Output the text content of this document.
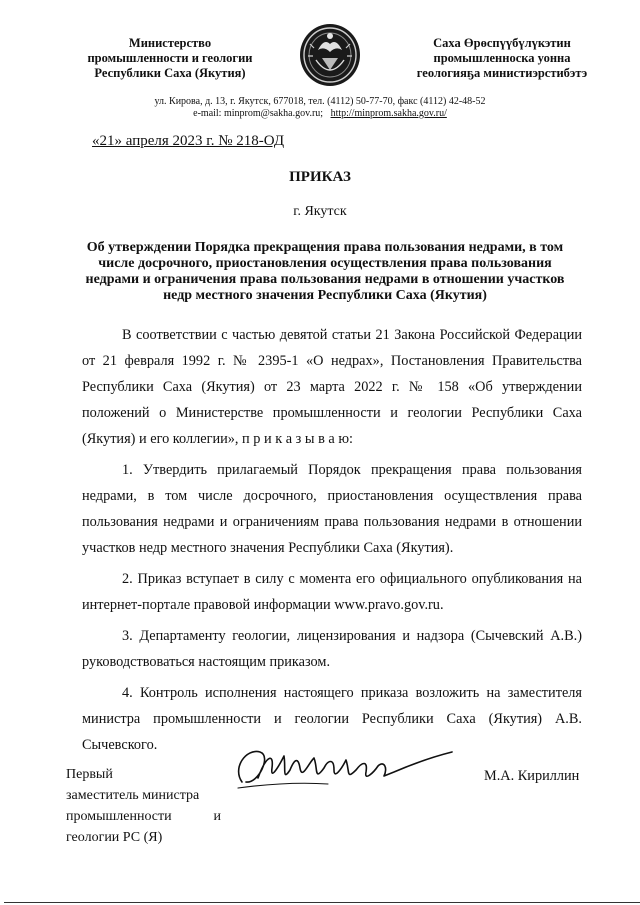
Министерство
промышленности и геологии
Республики Саха (Якутия)
Саха Өрөспүүбүлүкэтин
промышленноска уонна
геологияҕа министиэрстибэтэ
ул. Кирова, д. 13, г. Якутск, 677018, тел. (4112) 50-77-70, факс (4112) 42-48-52
e-mail: minprom@sakha.gov.ru; http://minprom.sakha.gov.ru/
«21» апреля 2023 г. № 218-ОД
ПРИКАЗ
г. Якутск
Об утверждении Порядка прекращения права пользования недрами, в том числе досрочного, приостановления осуществления права пользования недрами и ограничения права пользования недрами в отношении участков недр местного значения Республики Саха (Якутия)

В соответствии с частью девятой статьи 21 Закона Российской Федерации от 21 февраля 1992 г. № 2395-1 «О недрах», Постановления Правительства Республики Саха (Якутия) от 23 марта 2022 г. № 158 «Об утверждении положений о Министерстве промышленности и геологии Республики Саха (Якутия) и его коллегии», п р и к а з ы в а ю:

1. Утвердить прилагаемый Порядок прекращения права пользования недрами, в том числе досрочного, приостановления осуществления права пользования недрами и ограничениям права пользования недрами в отношении участков недр местного значения Республики Саха (Якутия).

2. Приказ вступает в силу с момента его официального опубликования на интернет-портале правовой информации www.pravo.gov.ru.

3. Департаменту геологии, лицензирования и надзора (Сычевский А.В.) руководствоваться настоящим приказом.

4. Контроль исполнения настоящего приказа возложить на заместителя министра промышленности и геологии Республики Саха (Якутия) А.В. Сычевского.

Первый
заместитель министра
промышленности	и
геологии РС (Я)
М.А. Кириллин
